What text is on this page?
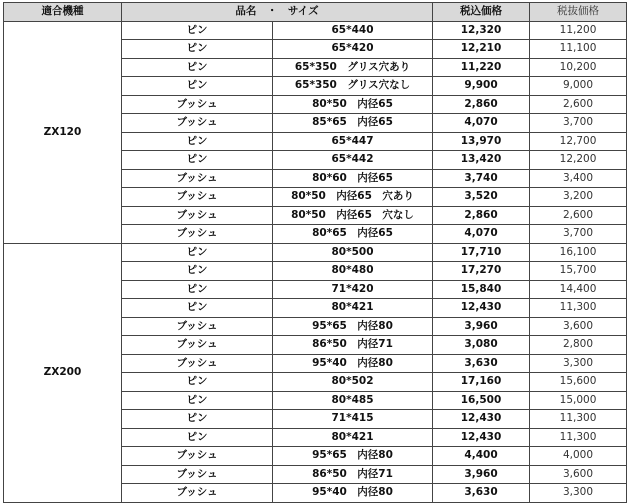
適合機種	品名　・　サイズ		税込価格	税抜価格
ZX120	ピン	65*440	12,320	11,200
	ピン	65*420	12,210	11,100
	ピン	65*350　グリス穴あり	11,220	10,200
	ピン	65*350　グリス穴なし	9,900	9,000
	ブッシュ	80*50　内径65	2,860	2,600
	ブッシュ	85*65　内径65	4,070	3,700
	ピン	65*447	13,970	12,700
	ピン	65*442	13,420	12,200
	ブッシュ	80*60　内径65	3,740	3,400
	ブッシュ	80*50　内径65　穴あり	3,520	3,200
	ブッシュ	80*50　内径65　穴なし	2,860	2,600
	ブッシュ	80*65　内径65	4,070	3,700
ZX200	ピン	80*500	17,710	16,100
	ピン	80*480	17,270	15,700
	ピン	71*420	15,840	14,400
	ピン	80*421	12,430	11,300
	ブッシュ	95*65　内径80	3,960	3,600
	ブッシュ	86*50　内径71	3,080	2,800
	ブッシュ	95*40　内径80	3,630	3,300
	ピン	80*502	17,160	15,600
	ピン	80*485	16,500	15,000
	ピン	71*415	12,430	11,300
	ピン	80*421	12,430	11,300
	ブッシュ	95*65　内径80	4,400	4,000
	ブッシュ	86*50　内径71	3,960	3,600
	ブッシュ	95*40　内径80	3,630	3,300
